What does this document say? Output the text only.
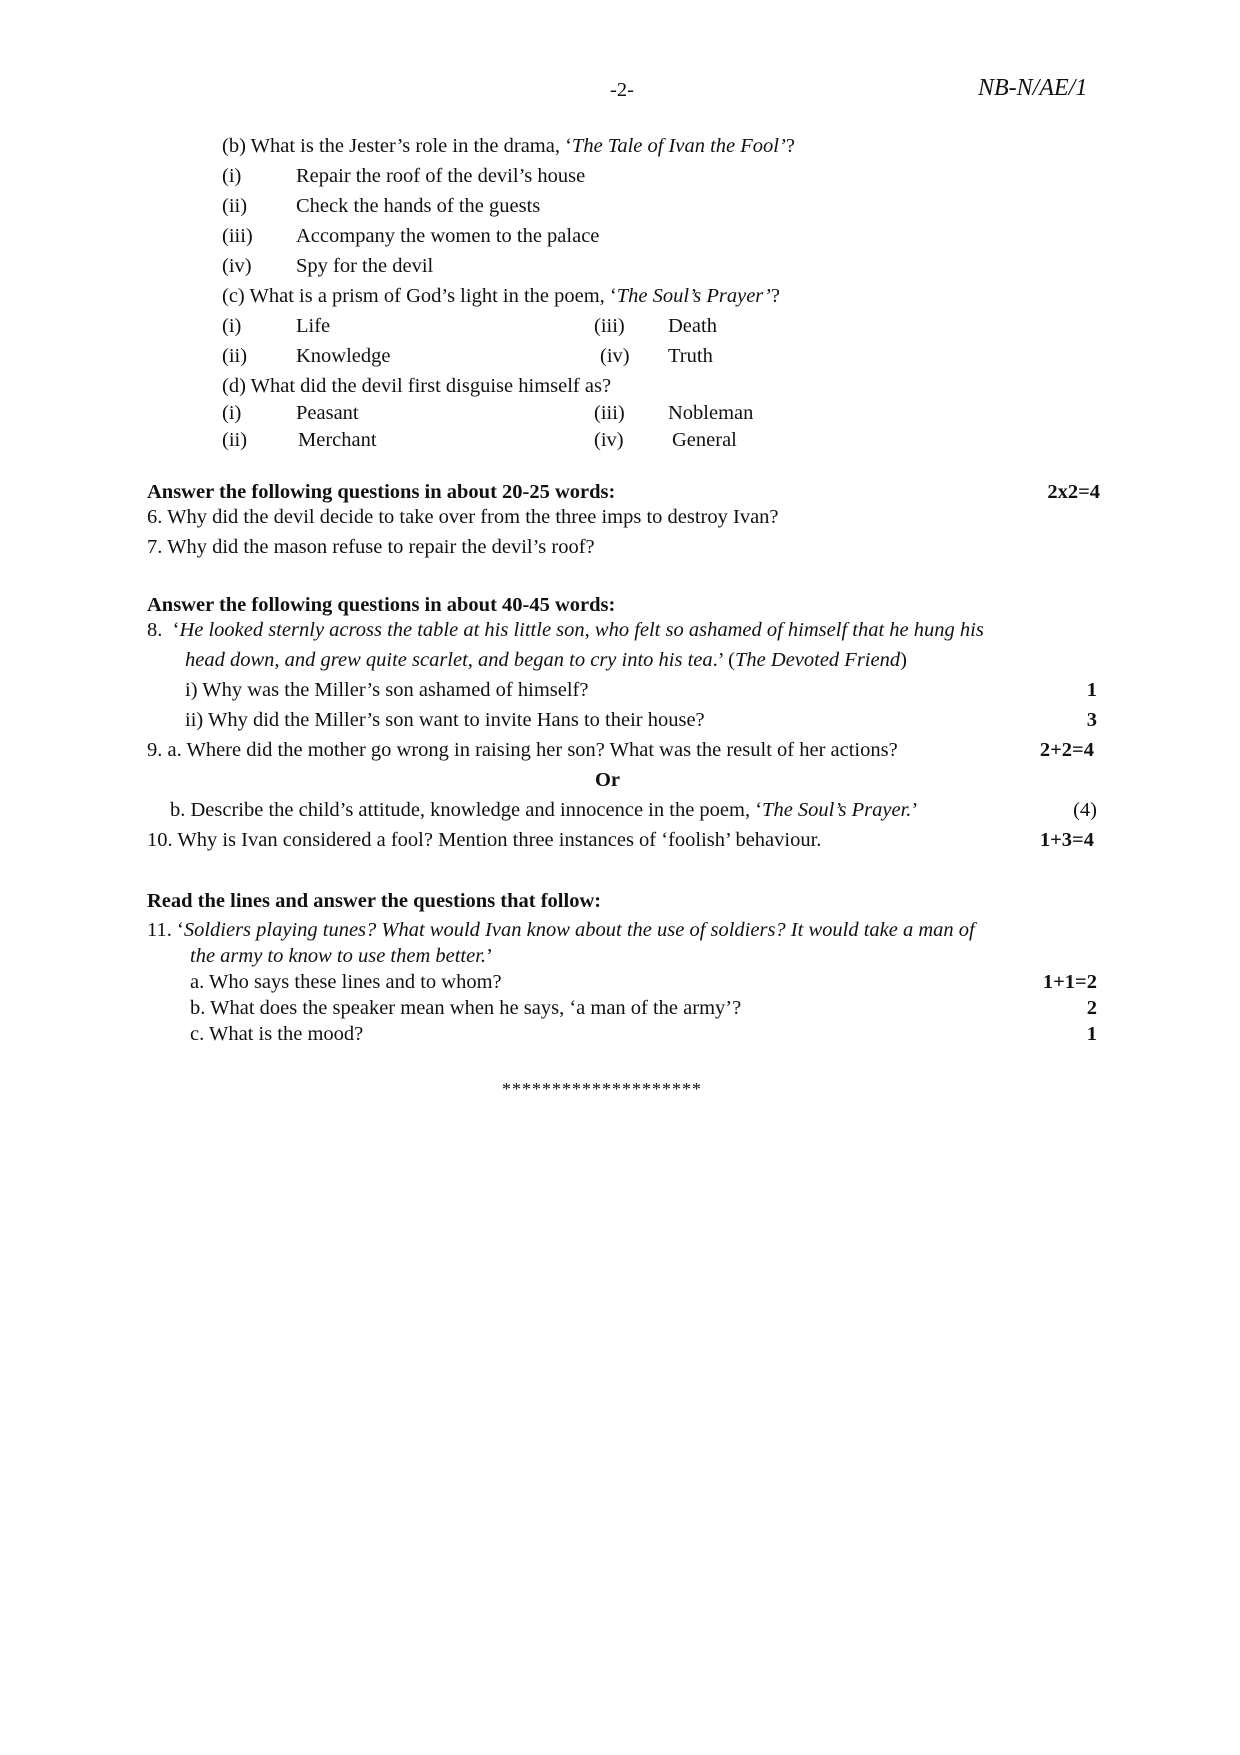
-2-	NB-N/AE/1
(b) What is the Jester’s role in the drama, ‘The Tale of Ivan the Fool’?
(i)	Repair the roof of the devil’s house
(ii) Check the hands of the guests
(iii) Accompany the women to the palace
(iv) Spy for the devil
(c) What is a prism of God’s light in the poem, ‘The Soul’s Prayer’?
(i)	Life	(iii) Death
(ii) Knowledge	(iv) Truth
(d) What did the devil first disguise himself as?
(i)	Peasant	(iii) Nobleman
(ii) Merchant	(iv) General
Answer the following questions in about 20-25 words:	2x2=4
6. Why did the devil decide to take over from the three imps to destroy Ivan?
7. Why did the mason refuse to repair the devil’s roof?
Answer the following questions in about 40-45 words:
8. ‘He looked sternly across the table at his little son, who felt so ashamed of himself that he hung his
head down, and grew quite scarlet, and began to cry into his tea.’ (The Devoted Friend)
i) Why was the Miller’s son ashamed of himself?	1
ii) Why did the Miller’s son want to invite Hans to their house?	3
9. a. Where did the mother go wrong in raising her son? What was the result of her actions?	2+2=4
Or
b. Describe the child’s attitude, knowledge and innocence in the poem, ‘The Soul’s Prayer.’	(4)
10. Why is Ivan considered a fool? Mention three instances of ‘foolish’ behaviour.	1+3=4
Read the lines and answer the questions that follow:
11. ‘Soldiers playing tunes? What would Ivan know about the use of soldiers? It would take a man of
the army to know to use them better.’
a. Who says these lines and to whom?	1+1=2
b. What does the speaker mean when he says, ‘a man of the army’?	2
c. What is the mood?	1
********************
